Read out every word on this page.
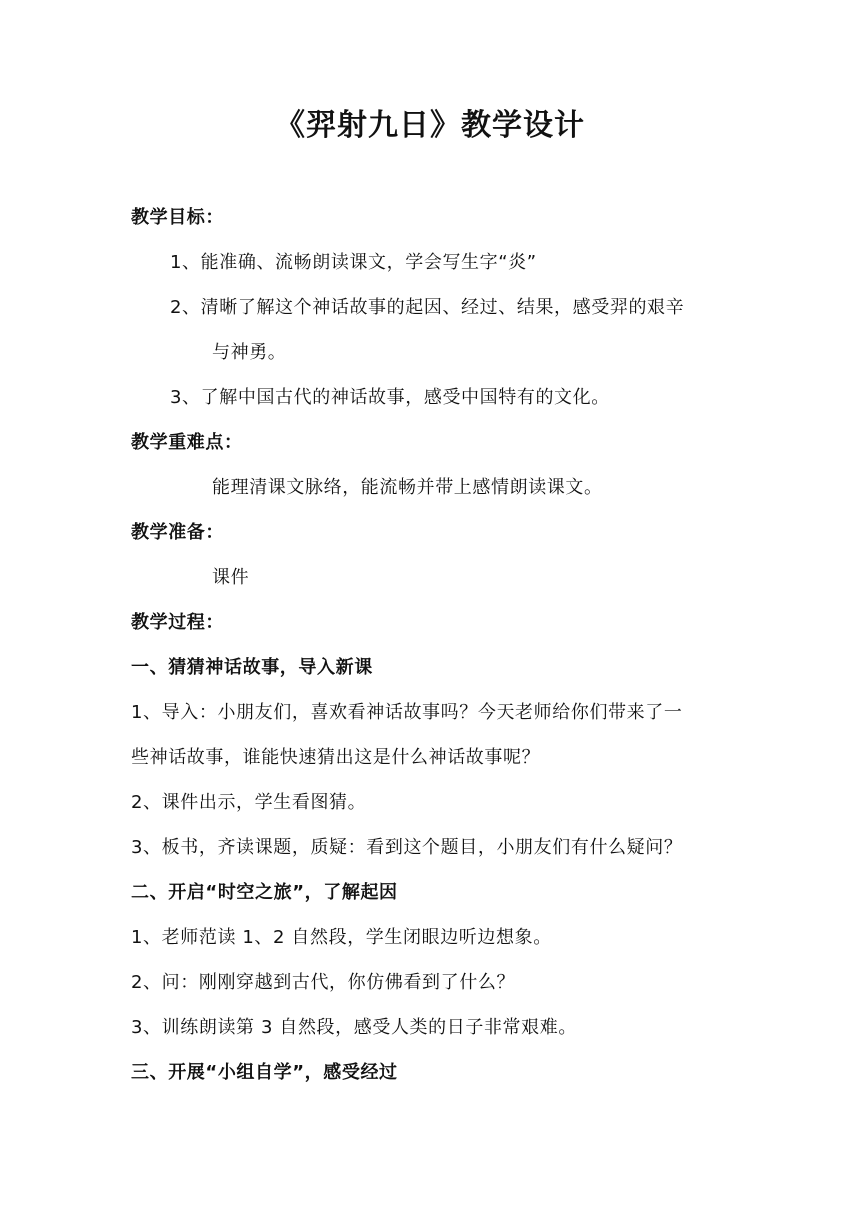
《羿射九日》教学设计
教学目标：
1、能准确、流畅朗读课文，学会写生字“炎”
2、清晰了解这个神话故事的起因、经过、结果，感受羿的艰辛
与神勇。
3、了解中国古代的神话故事，感受中国特有的文化。
教学重难点：
能理清课文脉络，能流畅并带上感情朗读课文。
教学准备：
课件
教学过程：
一、猜猜神话故事，导入新课
1、导入：小朋友们，喜欢看神话故事吗？今天老师给你们带来了一
些神话故事，谁能快速猜出这是什么神话故事呢？
2、课件出示，学生看图猜。
3、板书，齐读课题，质疑：看到这个题目，小朋友们有什么疑问？
二、开启“时空之旅”，了解起因
1、老师范读 1、2 自然段，学生闭眼边听边想象。
2、问：刚刚穿越到古代，你仿佛看到了什么？
3、训练朗读第 3 自然段，感受人类的日子非常艰难。
三、开展“小组自学”，感受经过
